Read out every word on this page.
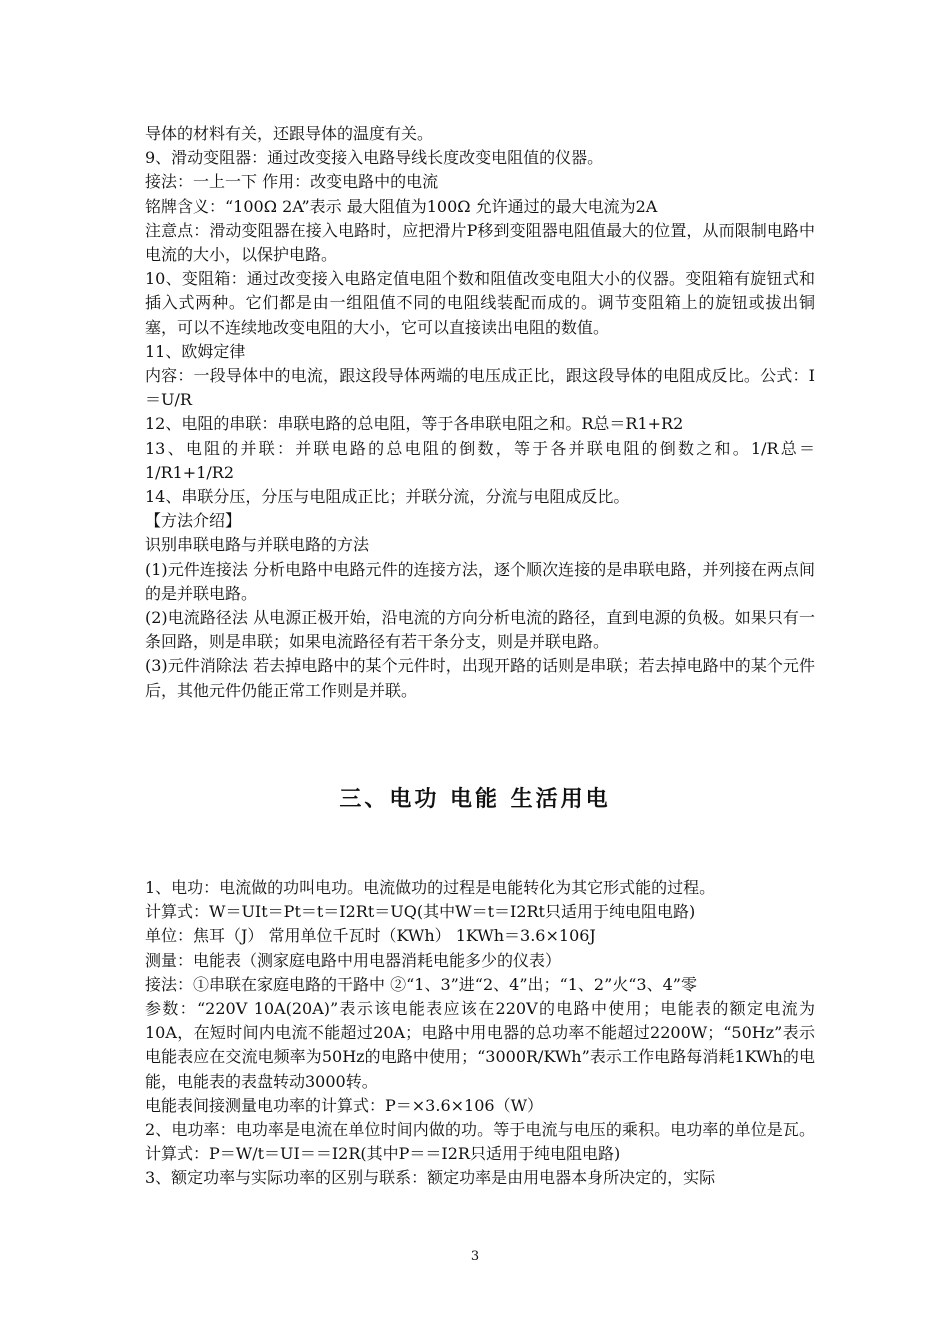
导体的材料有关，还跟导体的温度有关。

9、滑动变阻器：通过改变接入电路导线长度改变电阻值的仪器。

接法：一上一下 作用：改变电路中的电流

铭牌含义：“100Ω 2A”表示 最大阻值为100Ω 允许通过的最大电流为2A

注意点：滑动变阻器在接入电路时，应把滑片P移到变阻器电阻值最大的位置，从而限制电路中电流的大小，以保护电路。

10、变阻箱：通过改变接入电路定值电阻个数和阻值改变电阻大小的仪器。变阻箱有旋钮式和插入式两种。它们都是由一组阻值不同的电阻线装配而成的。调节变阻箱上的旋钮或拔出铜塞，可以不连续地改变电阻的大小，它可以直接读出电阻的数值。

11、欧姆定律

内容：一段导体中的电流，跟这段导体两端的电压成正比，跟这段导体的电阻成反比。公式：I＝U/R

12、电阻的串联：串联电路的总电阻，等于各串联电阻之和。R总＝R1+R2

13、电阻的并联：并联电路的总电阻的倒数，等于各并联电阻的倒数之和。1/R总＝1/R1+1/R2

14、串联分压，分压与电阻成正比；并联分流，分流与电阻成反比。

【方法介绍】

识别串联电路与并联电路的方法

(1)元件连接法 分析电路中电路元件的连接方法，逐个顺次连接的是串联电路，并列接在两点间的是并联电路。

(2)电流路径法 从电源正极开始，沿电流的方向分析电流的路径，直到电源的负极。如果只有一条回路，则是串联；如果电流路径有若干条分支，则是并联电路。

(3)元件消除法 若去掉电路中的某个元件时，出现开路的话则是串联；若去掉电路中的某个元件后，其他元件仍能正常工作则是并联。

三、电功 电能 生活用电

1、电功：电流做的功叫电功。电流做功的过程是电能转化为其它形式能的过程。

计算式：W＝UIt＝Pt＝t＝I2Rt＝UQ(其中W＝t＝I2Rt只适用于纯电阻电路)

单位：焦耳（J） 常用单位千瓦时（KWh） 1KWh＝3.6×106J

测量：电能表（测家庭电路中用电器消耗电能多少的仪表）

接法：①串联在家庭电路的干路中 ②“1、3”进“2、4”出；“1、2”火“3、4”零

参数：“220V 10A(20A)”表示该电能表应该在220V的电路中使用；电能表的额定电流为10A，在短时间内电流不能超过20A；电路中用电器的总功率不能超过2200W；“50Hz”表示电能表应在交流电频率为50Hz的电路中使用；“3000R/KWh”表示工作电路每消耗1KWh的电能，电能表的表盘转动3000转。

电能表间接测量电功率的计算式：P＝×3.6×106（W）

2、电功率：电功率是电流在单位时间内做的功。等于电流与电压的乘积。电功率的单位是瓦。计算式：P＝W/t＝UI＝＝I2R(其中P＝＝I2R只适用于纯电阻电路)

3、额定功率与实际功率的区别与联系：额定功率是由用电器本身所决定的，实际

3
